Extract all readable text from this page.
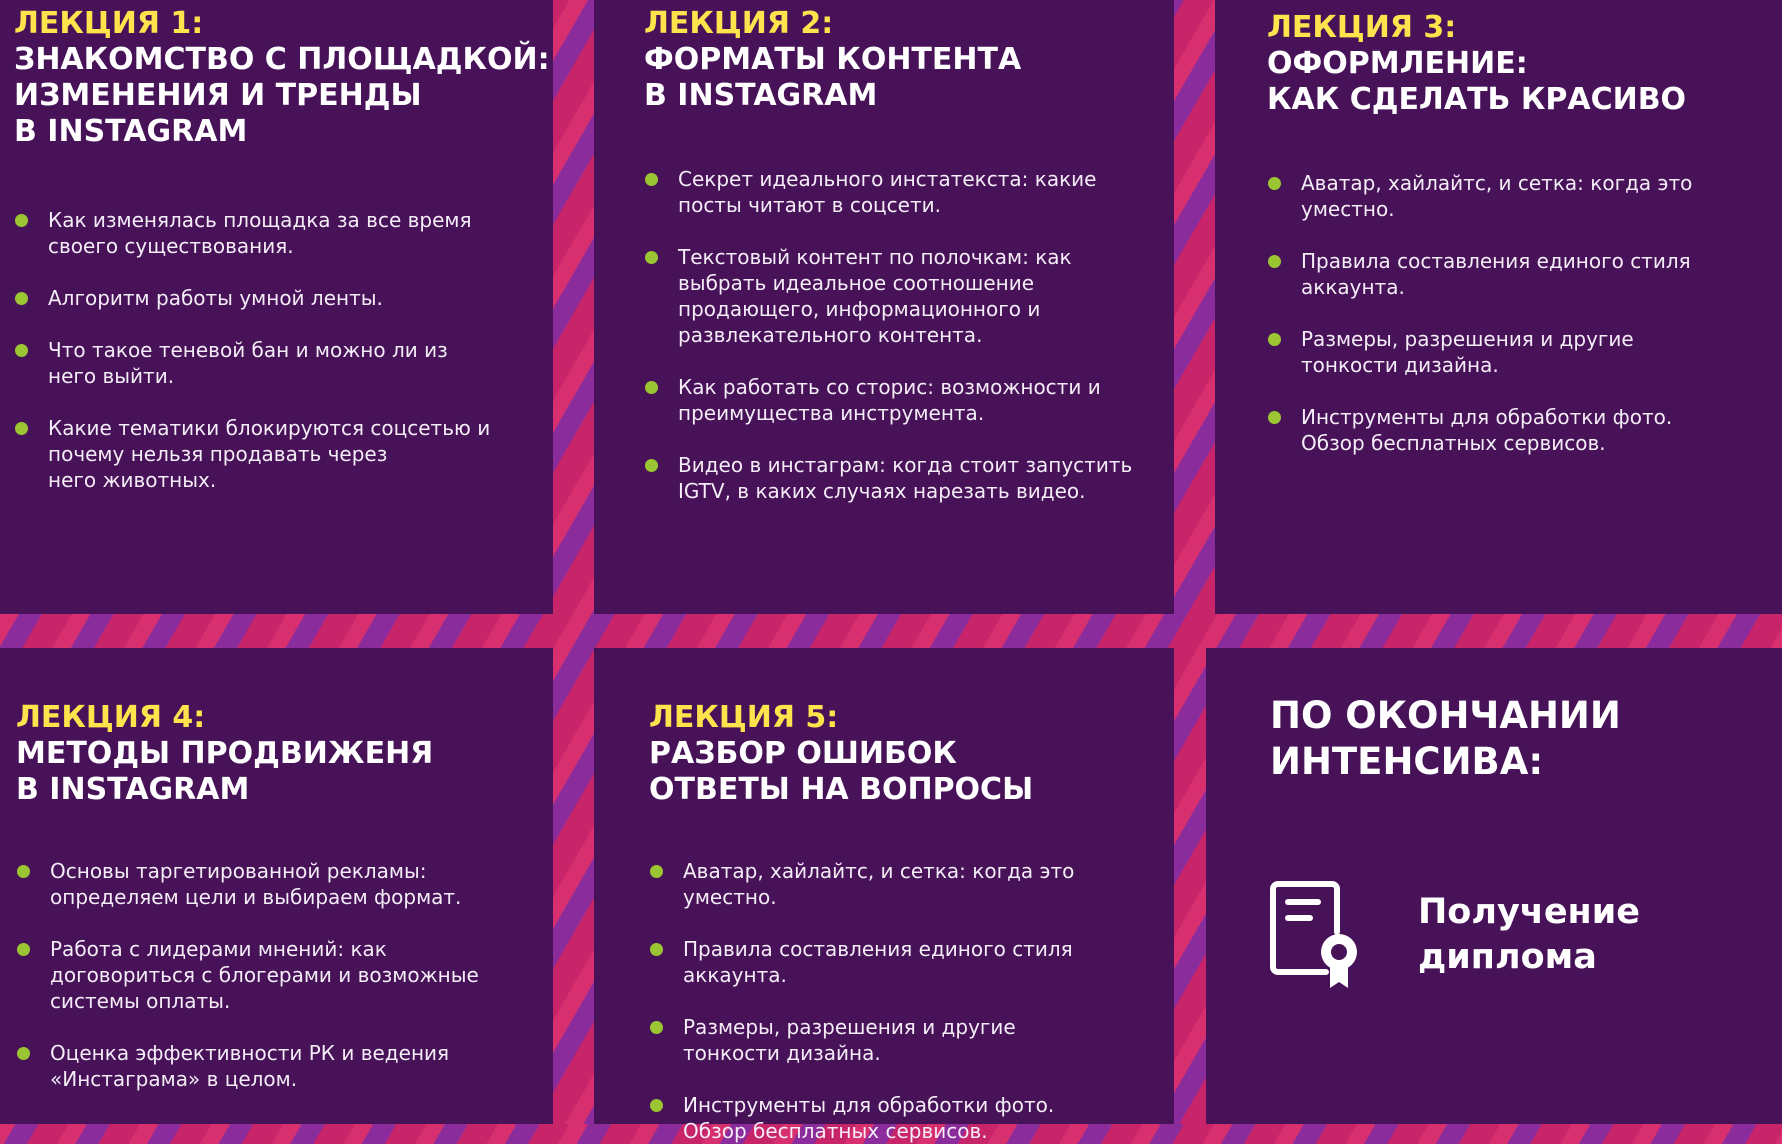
ЛЕКЦИЯ 1:
ЗНАКОМСТВО С ПЛОЩАДКОЙ:
ИЗМЕНЕНИЯ И ТРЕНДЫ
В INSTAGRAM
Как изменялась площадка за все время
своего существования.
Алгоритм работы умной ленты.
Что такое теневой бан и можно ли из
него выйти.
Какие тематики блокируются соцсетью и
почему нельзя продавать через
него животных.
ЛЕКЦИЯ 2:
ФОРМАТЫ КОНТЕНТА
В INSTAGRAM
Секрет идеального инстатекста: какие
посты читают в соцсети.
Текстовый контент по полочкам: как
выбрать идеальное соотношение
продающего, информационного и
развлекательного контента.
Как работать со сторис: возможности и
преимущества инструмента.
Видео в инстаграм: когда стоит запустить
IGTV, в каких случаях нарезать видео.
ЛЕКЦИЯ 3:
ОФОРМЛЕНИЕ:
КАК СДЕЛАТЬ КРАСИВО
Аватар, хайлайтс, и сетка: когда это уместно.
Правила составления единого стиля
аккаунта.
Размеры, разрешения и другие
тонкости дизайна.
Инструменты для обработки фото.
Обзор бесплатных сервисов.
ЛЕКЦИЯ 4:
МЕТОДЫ ПРОДВИЖЕНЯ
В INSTAGRAM
Основы таргетированной рекламы:
определяем цели и выбираем формат.
Работа с лидерами мнений: как
договориться с блогерами и возможные
системы оплаты.
Оценка эффективности РК и ведения
«Инстаграма» в целом.
ЛЕКЦИЯ 5:
РАЗБОР ОШИБОК
ОТВЕТЫ НА ВОПРОСЫ
Аватар, хайлайтс, и сетка: когда это уместно.
Правила составления единого стиля
аккаунта.
Размеры, разрешения и другие
тонкости дизайна.
Инструменты для обработки фото.
Обзор бесплатных сервисов.
ПО ОКОНЧАНИИ
ИНТЕНСИВА:
Получение
диплома
